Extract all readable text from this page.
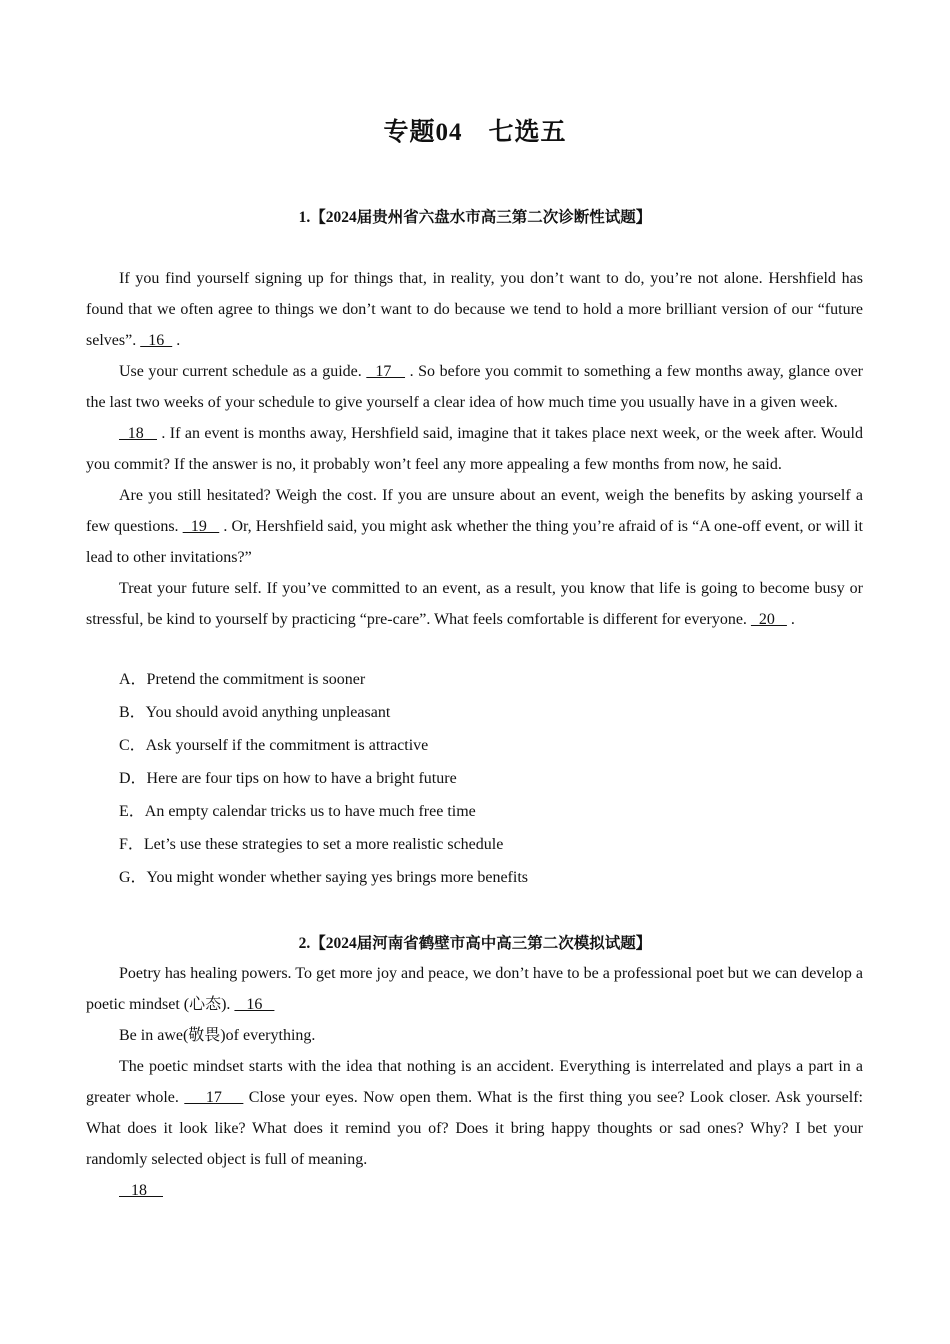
专题04　七选五
1.【2024届贵州省六盘水市高三第二次诊断性试题】

If you find yourself signing up for things that, in reality, you don’t want to do, you’re not alone. Hershfield has found that we often agree to things we don’t want to do because we tend to hold a more brilliant version of our “future selves”.   16   .

Use your current schedule as a guide.   17    . So before you commit to something a few months away, glance over the last two weeks of your schedule to give yourself a clear idea of how much time you usually have in a given week.

18    . If an event is months away, Hershfield said, imagine that it takes place next week, or the week after. Would you commit? If the answer is no, it probably won’t feel any more appealing a few months from now, he said.

Are you still hesitated? Weigh the cost. If you are unsure about an event, weigh the benefits by asking yourself a few questions.   19    . Or, Hershfield said, you might ask whether the thing you’re afraid of is “A one-off event, or will it lead to other invitations?”

Treat your future self. If you’ve committed to an event, as a result, you know that life is going to become busy or stressful, be kind to yourself by practicing “pre-care”. What feels comfortable is different for everyone.   20    .

A．Pretend the commitment is sooner
B．You should avoid anything unpleasant
C．Ask yourself if the commitment is attractive
D．Here are four tips on how to have a bright future
E．An empty calendar tricks us to have much free time
F．Let’s use these strategies to set a more realistic schedule
G．You might wonder whether saying yes brings more benefits
2.【2024届河南省鹤壁市高中高三第二次模拟试题】

Poetry has healing powers. To get more joy and peace, we don’t have to be a professional poet but we can develop a poetic mindset (心态).    16

Be in awe(敬畏)of everything.

The poetic mindset starts with the idea that nothing is an accident. Everything is interrelated and plays a part in a greater whole.     17     Close your eyes. Now open them. What is the first thing you see? Look closer. Ask yourself: What does it look like? What does it remind you of? Does it bring happy thoughts or sad ones? Why? I bet your randomly selected object is full of meaning.

18
